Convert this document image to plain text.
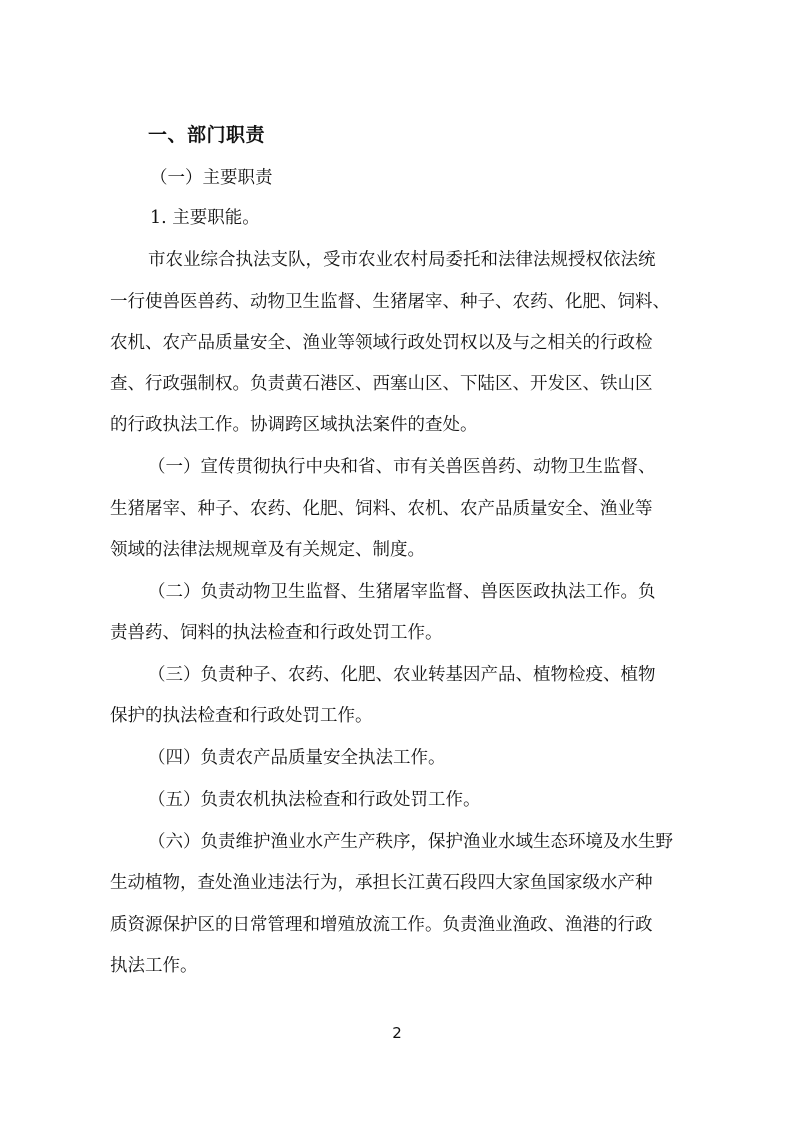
一、部门职责
（一）主要职责
1. 主要职能。
市农业综合执法支队，受市农业农村局委托和法律法规授权依法统
一行使兽医兽药、动物卫生监督、生猪屠宰、种子、农药、化肥、饲料、
农机、农产品质量安全、渔业等领域行政处罚权以及与之相关的行政检
查、行政强制权。负责黄石港区、西塞山区、下陆区、开发区、铁山区
的行政执法工作。协调跨区域执法案件的查处。
（一）宣传贯彻执行中央和省、市有关兽医兽药、动物卫生监督、
生猪屠宰、种子、农药、化肥、饲料、农机、农产品质量安全、渔业等
领域的法律法规规章及有关规定、制度。
（二）负责动物卫生监督、生猪屠宰监督、兽医医政执法工作。负
责兽药、饲料的执法检查和行政处罚工作。
（三）负责种子、农药、化肥、农业转基因产品、植物检疫、植物
保护的执法检查和行政处罚工作。
（四）负责农产品质量安全执法工作。
（五）负责农机执法检查和行政处罚工作。
（六）负责维护渔业水产生产秩序，保护渔业水域生态环境及水生野
生动植物，查处渔业违法行为，承担长江黄石段四大家鱼国家级水产种
质资源保护区的日常管理和增殖放流工作。负责渔业渔政、渔港的行政
执法工作。
2
